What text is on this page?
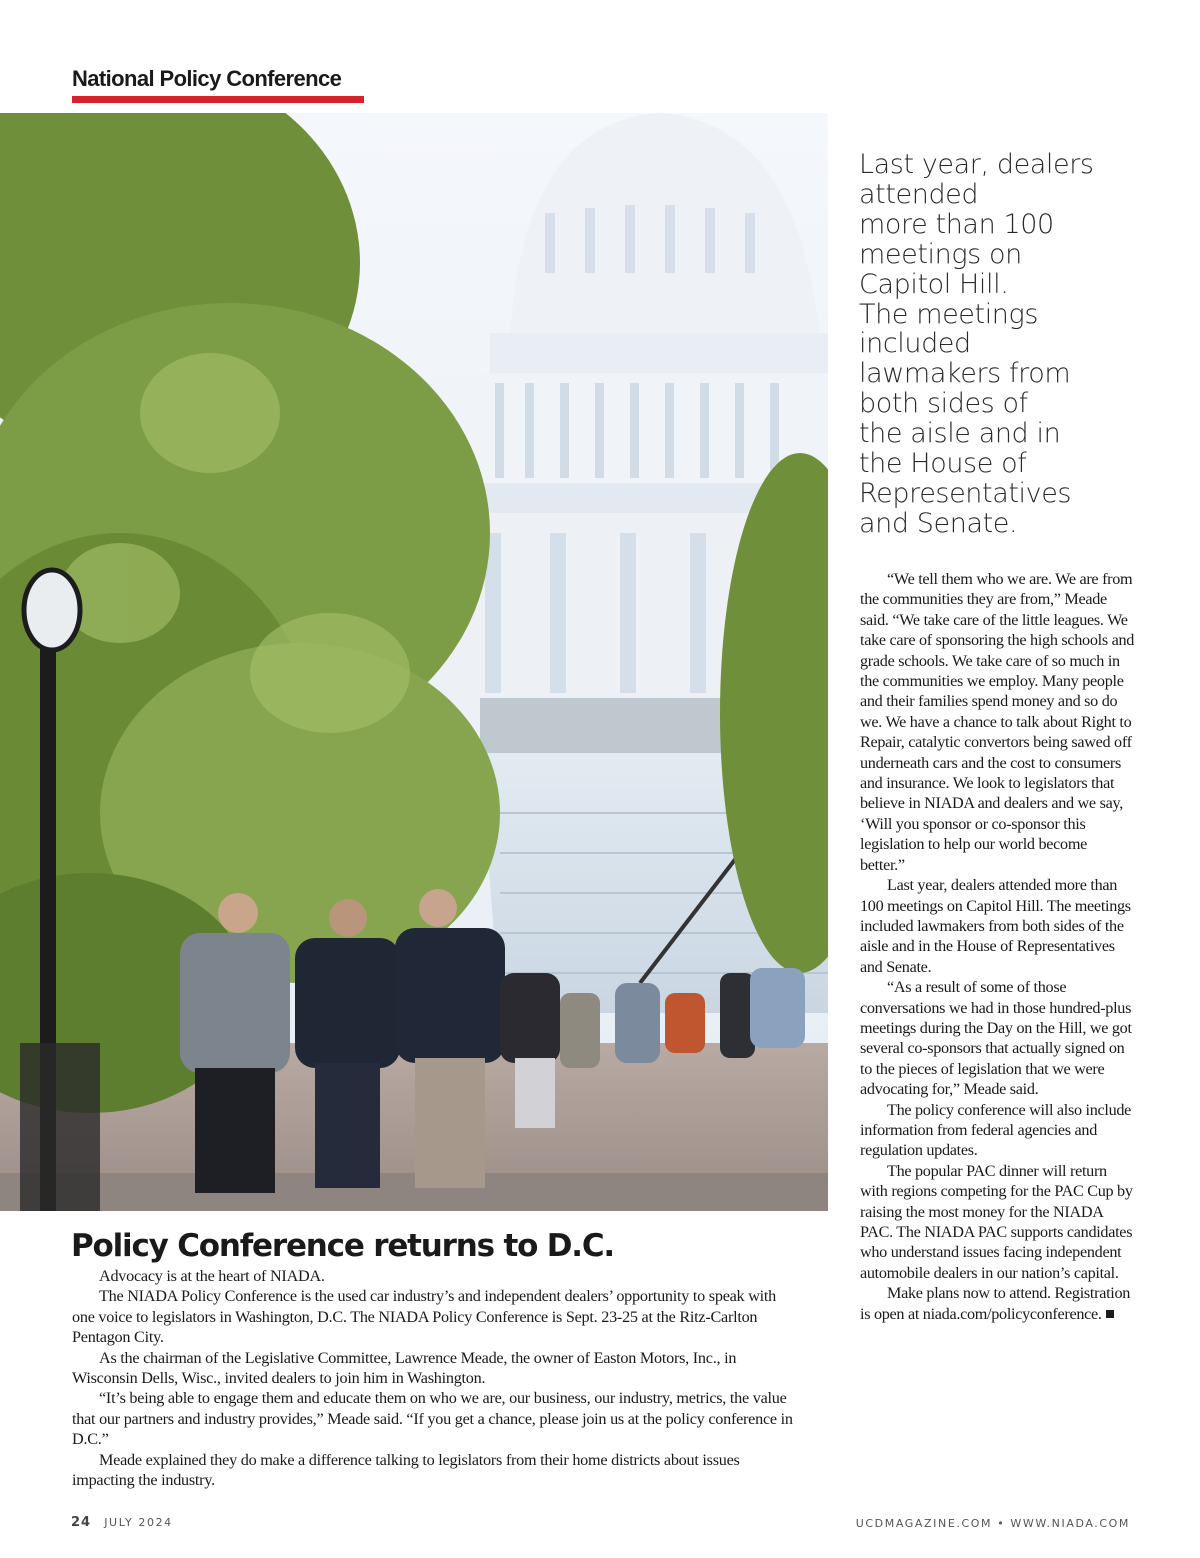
National Policy Conference
Last year, dealers
attended
more than 100
meetings on
Capitol Hill.
The meetings
included
lawmakers from
both sides of
the aisle and in
the House of
Representatives
and Senate.

“We tell them who we are. We are from the communities they are from,” Meade said. “We take care of the little leagues. We take care of sponsoring the high schools and grade schools. We take care of so much in the communities we employ. Many people and their families spend money and so do we. We have a chance to talk about Right to Repair, catalytic convertors being sawed off underneath cars and the cost to consumers and insurance. We look to legislators that believe in NIADA and dealers and we say, ‘Will you sponsor or co-sponsor this legislation to help our world become better.”

Last year, dealers attended more than 100 meetings on Capitol Hill. The meetings included lawmakers from both sides of the aisle and in the House of Representatives and Senate.

“As a result of some of those conversations we had in those hundred-plus meetings during the Day on the Hill, we got several co-sponsors that actually signed on to the pieces of legislation that we were advocating for,” Meade said.

The policy conference will also include information from federal agencies and regulation updates.

The popular PAC dinner will return with regions competing for the PAC Cup by raising the most money for the NIADA PAC. The NIADA PAC supports candidates who understand issues facing independent automobile dealers in our nation’s capital.

Make plans now to attend. Registration is open at niada.com/policyconference.

Policy Conference returns to D.C.

Advocacy is at the heart of NIADA.

The NIADA Policy Conference is the used car industry’s and independent dealers’ opportunity to speak with one voice to legislators in Washington, D.C. The NIADA Policy Conference is Sept. 23-25 at the Ritz-Carlton Pentagon City.

As the chairman of the Legislative Committee, Lawrence Meade, the owner of Easton Motors, Inc., in Wisconsin Dells, Wisc., invited dealers to join him in Washington.

“It’s being able to engage them and educate them on who we are, our business, our industry, metrics, the value that our partners and industry provides,” Meade said. “If you get a chance, please join us at the policy conference in D.C.”

Meade explained they do make a difference talking to legislators from their home districts about issues impacting the industry.

24 JULY 2024	UCDMAGAZINE.COM • WWW.NIADA.COM
